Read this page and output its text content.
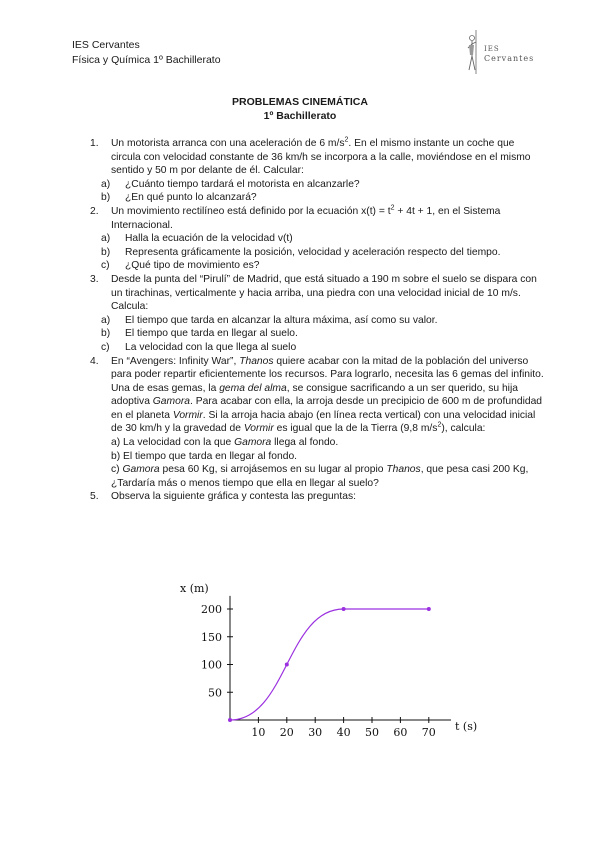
IES Cervantes
Física y Química 1º Bachillerato
IES
Cervantes
PROBLEMAS CINEMÁTICA
1º Bachillerato
1. Un motorista arranca con una aceleración de 6 $m/s^2$. En el mismo instante un coche que circula con velocidad constante de 36 km/h se incorpora a la calle, moviéndose en el mismo sentido y 50 m por delante de él. Calcular:
a) ¿Cuánto tiempo tardará el motorista en alcanzarle?
b) ¿En qué punto lo alcanzará?
2. Un movimiento rectilíneo está definido por la ecuación $x(t) = t^2 + 4t + 1$, en el Sistema Internacional.
a) Halla la ecuación de la velocidad v(t)
b) Representa gráficamente la posición, velocidad y aceleración respecto del tiempo.
c) ¿Qué tipo de movimiento es?
3. Desde la punta del “Pirulí” de Madrid, que está situado a 190 m sobre el suelo se dispara con un tirachinas, verticalmente y hacia arriba, una piedra con una velocidad inicial de 10 m/s. Calcula:
a) El tiempo que tarda en alcanzar la altura máxima, así como su valor.
b) El tiempo que tarda en llegar al suelo.
c) La velocidad con la que llega al suelo
4. En “Avengers: Infinity War”, Thanos quiere acabar con la mitad de la población del universo para poder repartir eficientemente los recursos. Para lograrlo, necesita las 6 gemas del infinito. Una de esas gemas, la gema del alma, se consigue sacrificando a un ser querido, su hija adoptiva Gamora. Para acabar con ella, la arroja desde un precipicio de 600 m de profundidad en el planeta Vormir. Si la arroja hacia abajo (en línea recta vertical) con una velocidad inicial de 30 km/h y la gravedad de Vormir es igual que la de la Tierra (9,8 $m/s^2$), calcula:
a) La velocidad con la que Gamora llega al fondo.
b) El tiempo que tarda en llegar al fondo.
c) Gamora pesa 60 Kg, si arrojásemos en su lugar al propio Thanos, que pesa casi 200 Kg, ¿Tardaría más o menos tiempo que ella en llegar al suelo?
5. Observa la siguiente gráfica y contesta las preguntas:
x (m)
t (s)
10 20 30 40 50 60 70
50
100
150
200
